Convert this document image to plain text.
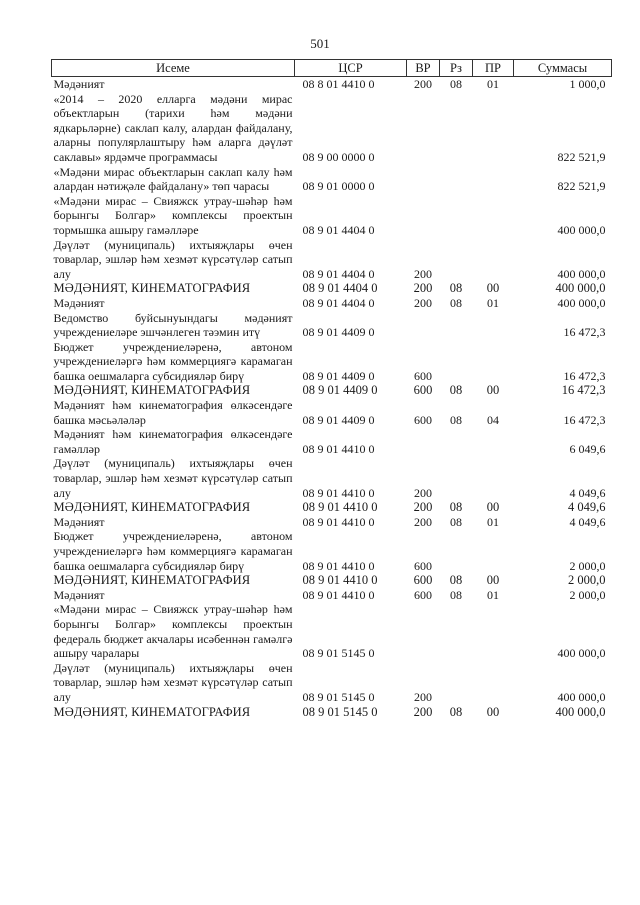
501
Исеме	ЦСР	ВР	Рз	ПР	Суммасы
Мәдәният	08 8 01 4410 0	200	08	01	1 000,0
«2014 – 2020 елларга мәдәни мирас объектларын (тарихи һәм мәдәни ядкарьләрне) саклап калу, алардан файдалану, аларны популярлаштыру һәм аларга дәүләт саклавы» ярдәмче программасы	08 9 00 0000 0				822 521,9
«Мәдәни мирас объектларын саклап калу һәм алардан нәтиҗәле файдалану» төп чарасы	08 9 01 0000 0				822 521,9
«Мәдәни мирас – Свияжск утрау-шәһәр һәм борынгы Болгар» комплексы проектын тормышка ашыру гамәлләре	08 9 01 4404 0				400 000,0
Дәүләт (муниципаль) ихтыяҗлары өчен товарлар, эшләр һәм хезмәт күрсәтүләр сатып алу	08 9 01 4404 0	200			400 000,0
МӘДӘНИЯТ, КИНЕМАТОГРАФИЯ	08 9 01 4404 0	200	08	00	400 000,0
Мәдәният	08 9 01 4404 0	200	08	01	400 000,0
Ведомство буйсынуындагы мәдәният учреждениеләре эшчәнлеген тәэмин итү	08 9 01 4409 0				16 472,3
Бюджет учреждениеләренә, автоном учреждениеләргә һәм коммерциягә карамаган башка оешмаларга субсидияләр бирү	08 9 01 4409 0	600			16 472,3
МӘДӘНИЯТ, КИНЕМАТОГРАФИЯ	08 9 01 4409 0	600	08	00	16 472,3
Мәдәният һәм кинематография өлкәсендәге башка мәсьәләләр	08 9 01 4409 0	600	08	04	16 472,3
Мәдәният һәм кинематография өлкәсендәге гамәлләр	08 9 01 4410 0				6 049,6
Дәүләт (муниципаль) ихтыяҗлары өчен товарлар, эшләр һәм хезмәт күрсәтүләр сатып алу	08 9 01 4410 0	200			4 049,6
МӘДӘНИЯТ, КИНЕМАТОГРАФИЯ	08 9 01 4410 0	200	08	00	4 049,6
Мәдәният	08 9 01 4410 0	200	08	01	4 049,6
Бюджет учреждениеләренә, автоном учреждениеләргә һәм коммерциягә карамаган башка оешмаларга субсидияләр бирү	08 9 01 4410 0	600			2 000,0
МӘДӘНИЯТ, КИНЕМАТОГРАФИЯ	08 9 01 4410 0	600	08	00	2 000,0
Мәдәният	08 9 01 4410 0	600	08	01	2 000,0
«Мәдәни мирас – Свияжск утрау-шәһәр һәм борынгы Болгар» комплексы проектын федераль бюджет акчалары исәбеннән гамәлгә ашыру чаралары	08 9 01 5145 0				400 000,0
Дәүләт (муниципаль) ихтыяҗлары өчен товарлар, эшләр һәм хезмәт күрсәтүләр сатып алу	08 9 01 5145 0	200			400 000,0
МӘДӘНИЯТ, КИНЕМАТОГРАФИЯ	08 9 01 5145 0	200	08	00	400 000,0
